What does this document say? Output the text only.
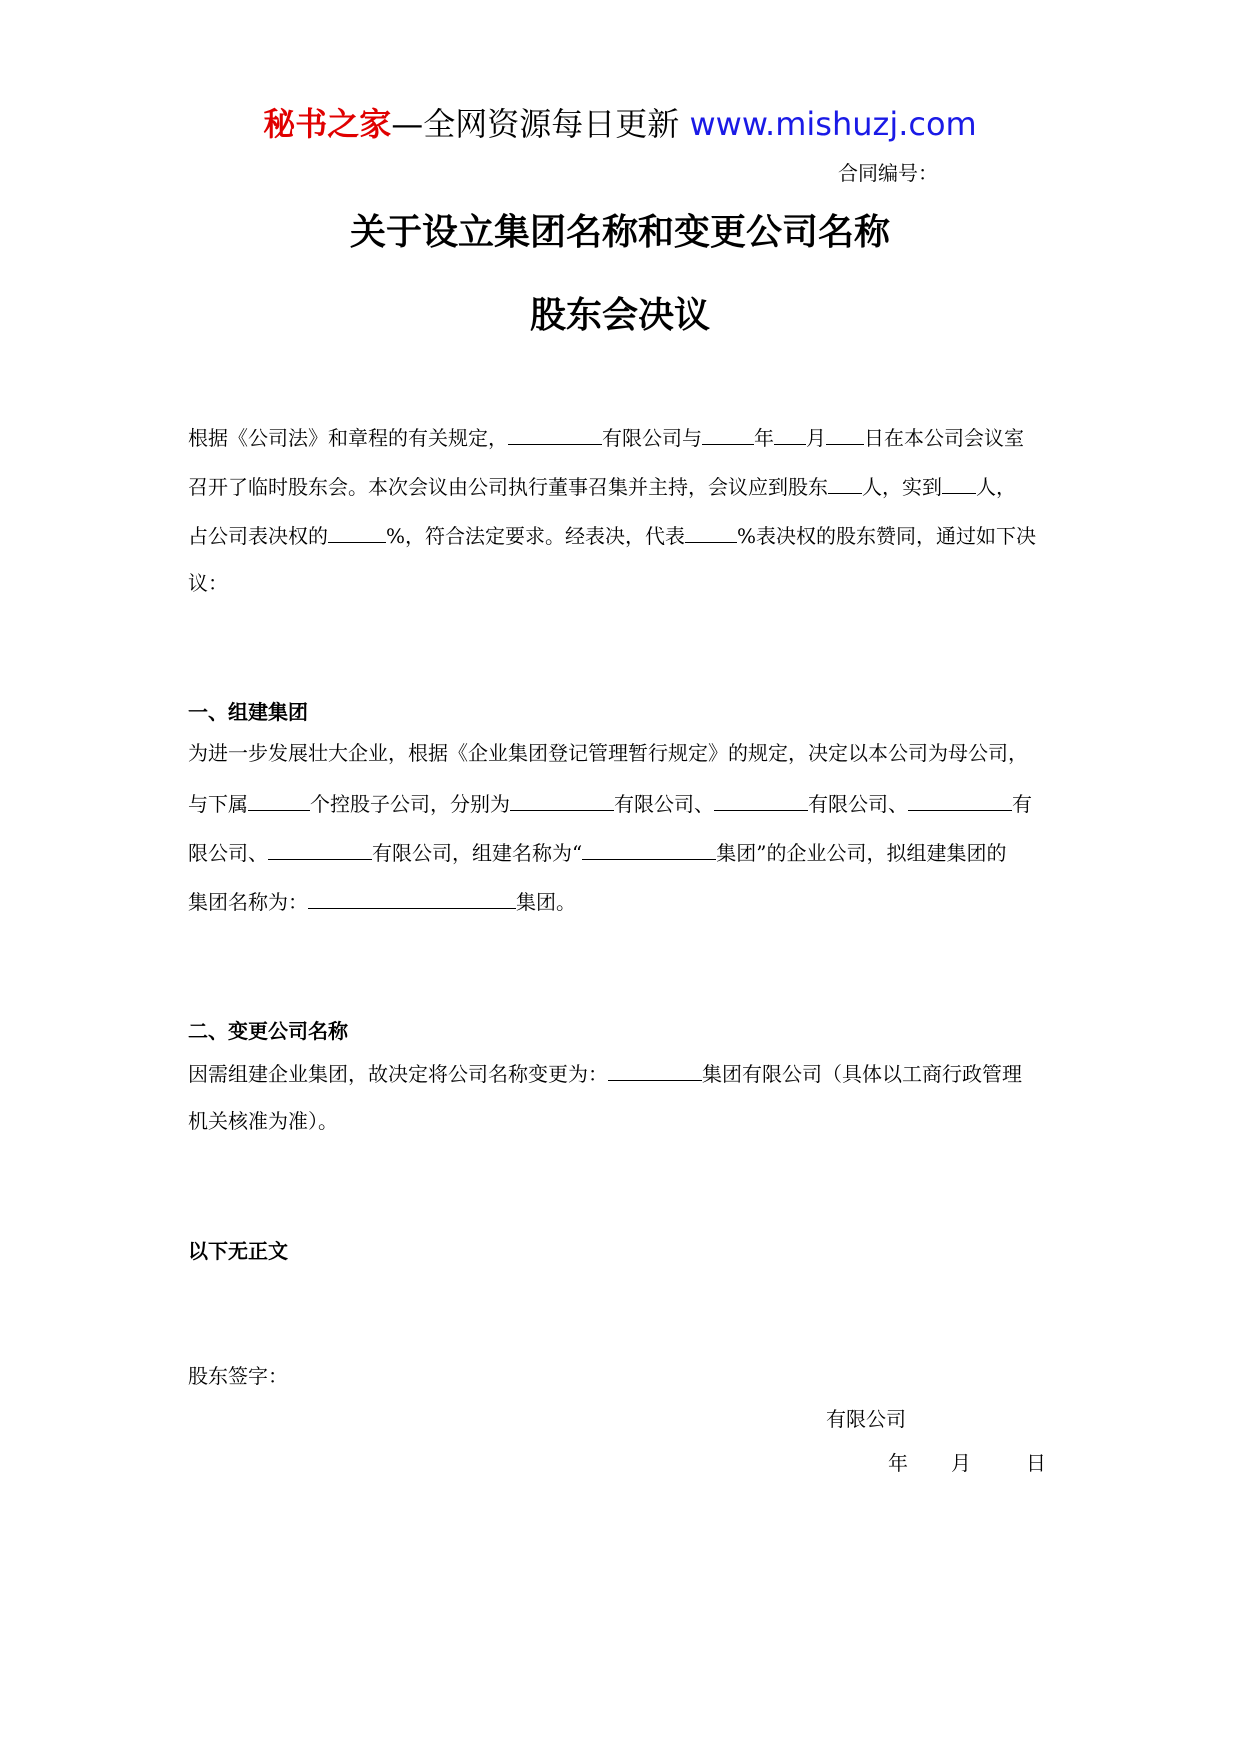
秘书之家—全网资源每日更新 www.mishuzj.com
合同编号：
关于设立集团名称和变更公司名称
股东会决议
根据《公司法》和章程的有关规定，	有限公司与	年 月 日在本公司会议室
召开了临时股东会。本次会议由公司执行董事召集并主持，会议应到股东 人，实到 人，
占公司表决权的	%，符合法定要求。经表决，代表	%表决权的股东赞同，通过如下决
议：
一、组建集团
为进一步发展壮大企业，根据《企业集团登记管理暂行规定》的规定，决定以本公司为母公司，
与下属	个控股子公司，分别为	有限公司、	有限公司、	有
限公司、	有限公司，组建名称为“	集团”的企业公司，拟组建集团的
集团名称为：	集团。
二、变更公司名称
因需组建企业集团，故决定将公司名称变更为：	集团有限公司（具体以工商行政管理
机关核准为准）。
以下无正文
股东签字：
有限公司
年 月	日
